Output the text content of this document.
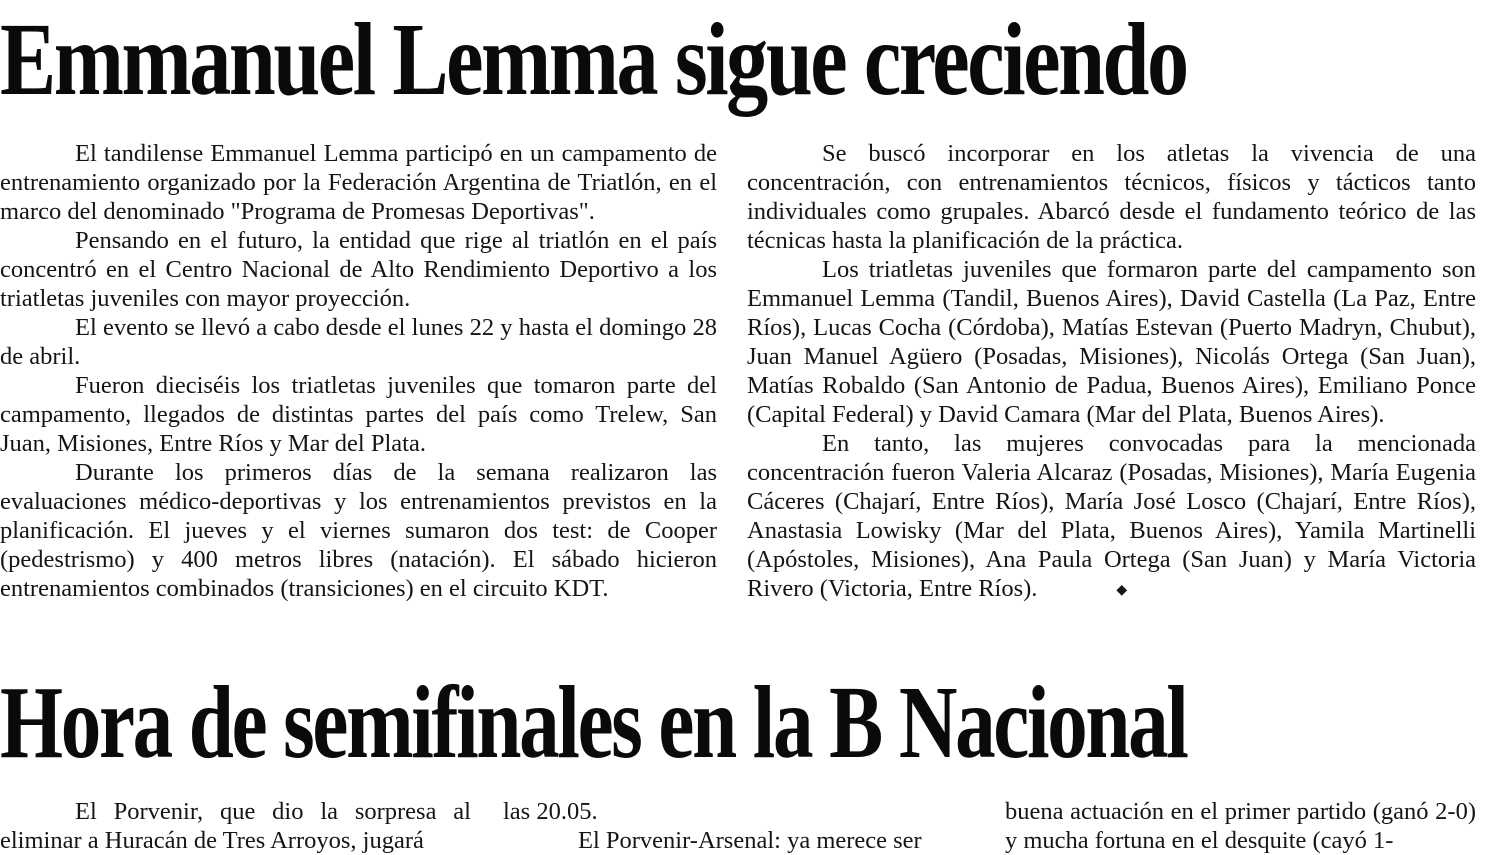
Emmanuel Lemma sigue creciendo

El tandilense Emmanuel Lemma participó en un campamento de entrenamiento organizado por la Federación Argentina de Triatlón, en el marco del denominado "Programa de Promesas Deportivas".

Pensando en el futuro, la entidad que rige al triatlón en el país concentró en el Centro Nacional de Alto Rendimiento Deportivo a los triatletas juveniles con mayor proyección.

El evento se llevó a cabo desde el lunes 22 y hasta el domingo 28 de abril.

Fueron dieciséis los triatletas juveniles que tomaron parte del campamento, llegados de distintas partes del país como Trelew, San Juan, Misiones, Entre Ríos y Mar del Plata.

Durante los primeros días de la semana realizaron las evaluaciones médico-deportivas y los entrenamientos previstos en la planificación. El jueves y el viernes sumaron dos test: de Cooper (pedestrismo) y 400 metros libres (natación). El sábado hicieron entrenamientos combinados (transiciones) en el circuito KDT.

Se buscó incorporar en los atletas la vivencia de una concentración, con entrenamientos técnicos, físicos y tácticos tanto individuales como grupales. Abarcó desde el fundamento teórico de las técnicas hasta la planificación de la práctica.

Los triatletas juveniles que formaron parte del campamento son Emmanuel Lemma (Tandil, Buenos Aires), David Castella (La Paz, Entre Ríos), Lucas Cocha (Córdoba), Matías Estevan (Puerto Madryn, Chubut), Juan Manuel Agüero (Posadas, Misiones), Nicolás Ortega (San Juan), Matías Robaldo (San Antonio de Padua, Buenos Aires), Emiliano Ponce (Capital Federal) y David Camara (Mar del Plata, Buenos Aires).

En tanto, las mujeres convocadas para la mencionada concentración fueron Valeria Alcaraz (Posadas, Misiones), María Eugenia Cáceres (Chajarí, Entre Ríos), María José Losco (Chajarí, Entre Ríos), Anastasia Lowisky (Mar del Plata, Buenos Aires), Yamila Martinelli (Apóstoles, Misiones), Ana Paula Ortega (San Juan) y María Victoria Rivero (Victoria, Entre Ríos).	◆

Hora de semifinales en la B Nacional

El Porvenir, que dio la sorpresa al eliminar a Huracán de Tres Arroyos, jugará

las 20.05.

El Porvenir-Arsenal: ya merece ser

buena actuación en el primer partido (ganó 2-0) y mucha fortuna en el desquite (cayó 1-
